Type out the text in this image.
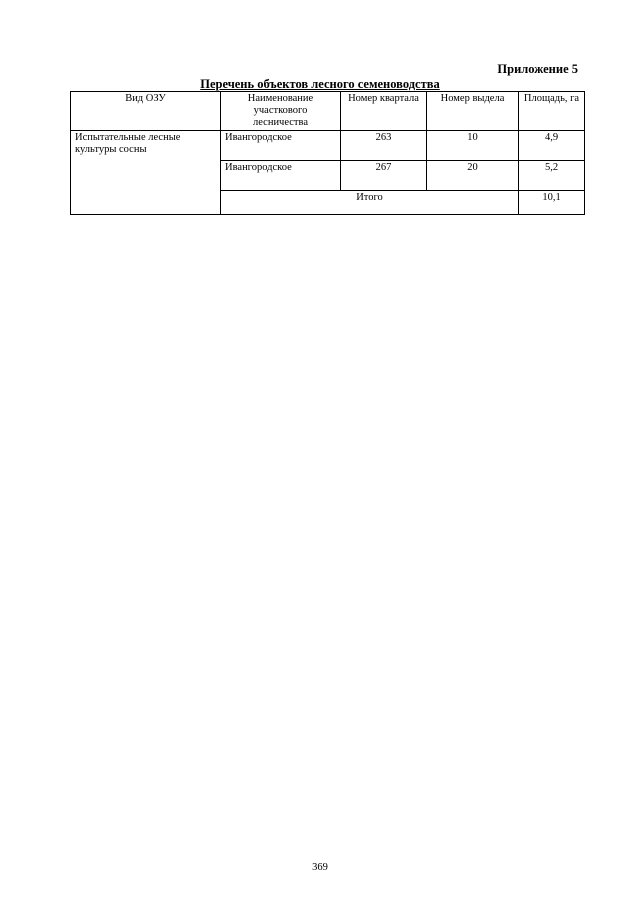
Приложение 5
Перечень объектов лесного семеноводства
Вид ОЗУ	Наименование участкового лесничества	Номер квартала	Номер выдела	Площадь, га
Испытательные лесные культуры сосны	Ивангородское	263	10	4,9
	Ивангородское	267	20	5,2
	Итого			10,1
369
